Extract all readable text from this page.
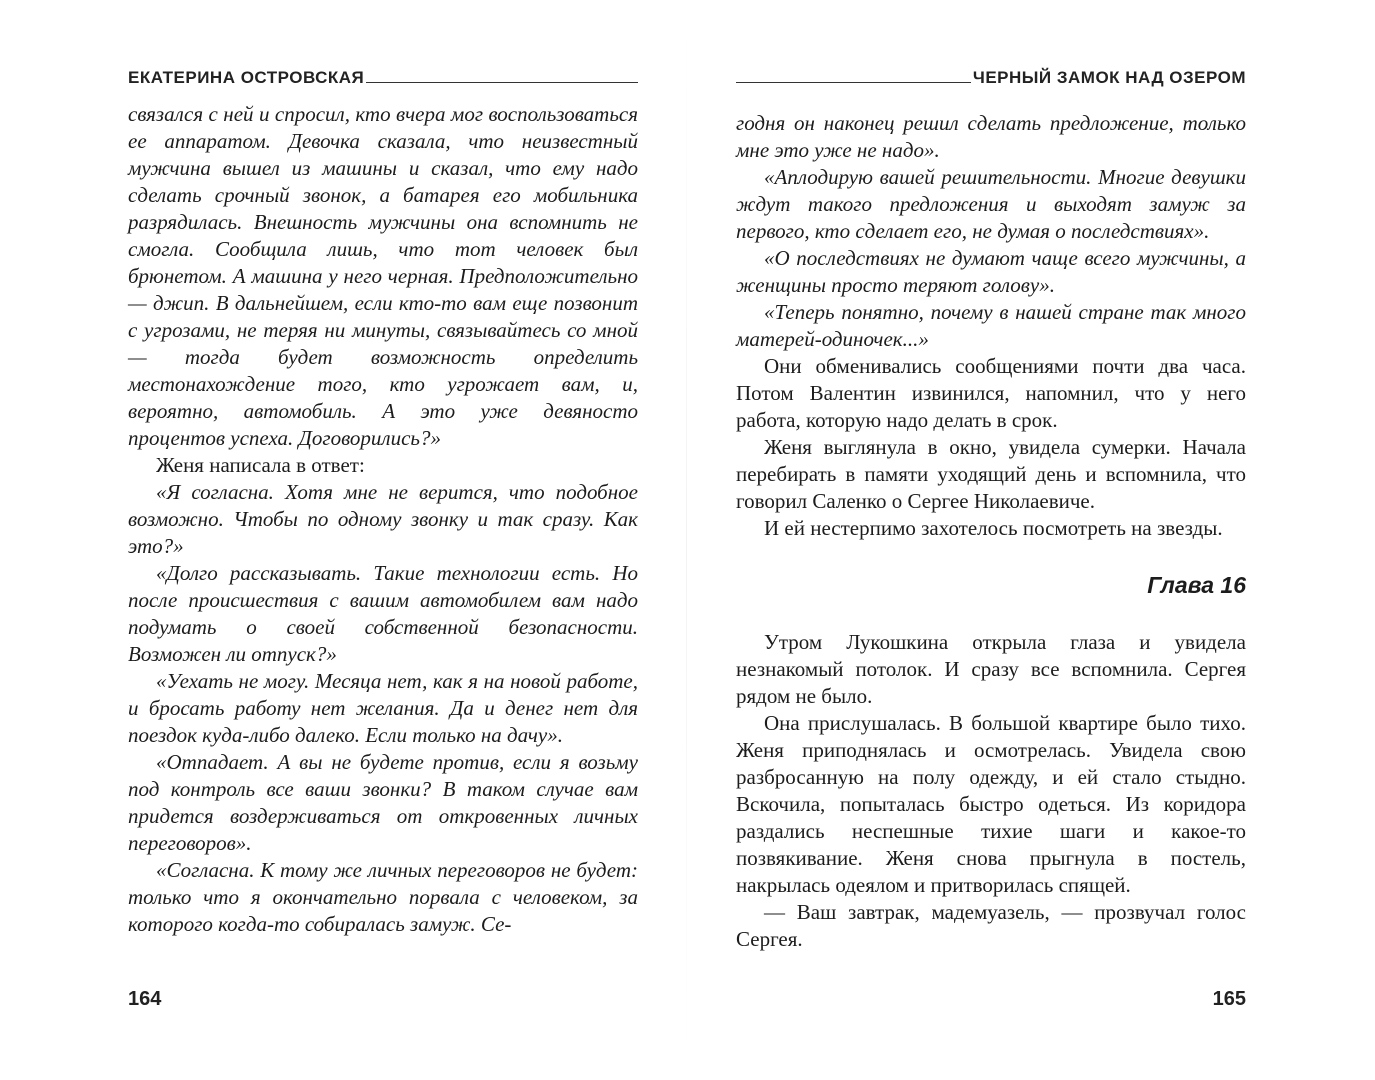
ЕКАТЕРИНА ОСТРОВСКАЯ

связался с ней и спросил, кто вчера мог воспользоваться ее аппаратом. Девочка сказала, что неизвестный мужчина вышел из машины и сказал, что ему надо сделать срочный звонок, а батарея его мобильника разрядилась. Внешность мужчины она вспомнить не смогла. Сообщила лишь, что тот человек был брюнетом. А машина у него черная. Предположительно — джип. В дальнейшем, если кто-то вам еще позвонит с угрозами, не теряя ни минуты, связывайтесь со мной — тогда будет возможность определить местонахождение того, кто угрожает вам, и, вероятно, автомобиль. А это уже девяносто процентов успеха. Договорились?»

Женя написала в ответ:

«Я согласна. Хотя мне не верится, что подобное возможно. Чтобы по одному звонку и так сразу. Как это?»

«Долго рассказывать. Такие технологии есть. Но после происшествия с вашим автомобилем вам надо подумать о своей собственной безопасности. Возможен ли отпуск?»

«Уехать не могу. Месяца нет, как я на новой работе, и бросать работу нет желания. Да и денег нет для поездок куда-либо далеко. Если только на дачу».

«Отпадает. А вы не будете против, если я возьму под контроль все ваши звонки? В таком случае вам придется воздерживаться от откровенных личных переговоров».

«Согласна. К тому же личных переговоров не будет: только что я окончательно порвала с человеком, за которого когда-то собиралась замуж. Се-

164
ЧЕРНЫЙ ЗАМОК НАД ОЗЕРОМ

годня он наконец решил сделать предложение, только мне это уже не надо».

«Аплодирую вашей решительности. Многие девушки ждут такого предложения и выходят замуж за первого, кто сделает его, не думая о последствиях».

«О последствиях не думают чаще всего мужчины, а женщины просто теряют голову».

«Теперь понятно, почему в нашей стране так много матерей-одиночек...»

Они обменивались сообщениями почти два часа. Потом Валентин извинился, напомнил, что у него работа, которую надо делать в срок.

Женя выглянула в окно, увидела сумерки. Начала перебирать в памяти уходящий день и вспомнила, что говорил Саленко о Сергее Николаевиче.

И ей нестерпимо захотелось посмотреть на звезды.

Глава 16

Утром Лукошкина открыла глаза и увидела незнакомый потолок. И сразу все вспомнила. Сергея рядом не было.

Она прислушалась. В большой квартире было тихо. Женя приподнялась и осмотрелась. Увидела свою разбросанную на полу одежду, и ей стало стыдно. Вскочила, попыталась быстро одеться. Из коридора раздались неспешные тихие шаги и какое-то позвякивание. Женя снова прыгнула в постель, накрылась одеялом и притворилась спящей.

— Ваш завтрак, мадемуазель, — прозвучал голос Сергея.

165
